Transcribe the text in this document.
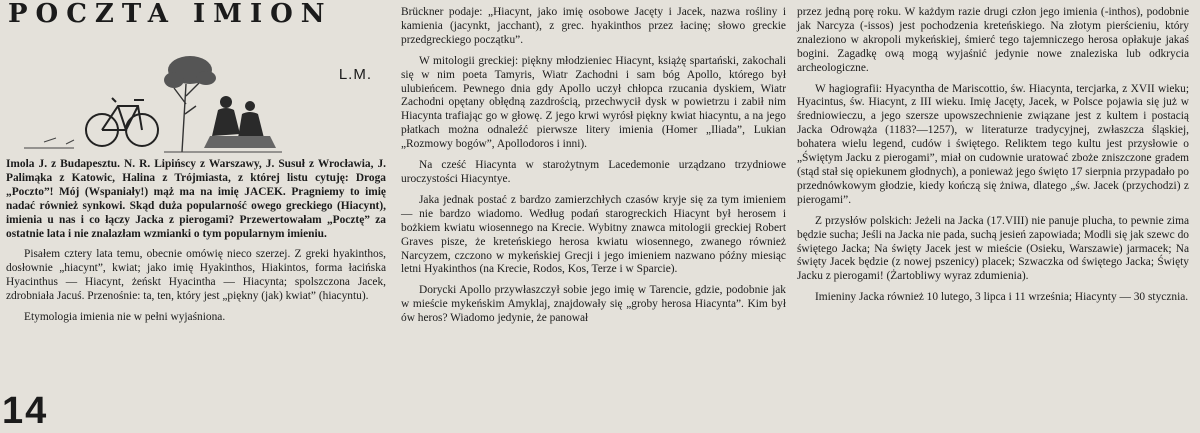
POCZTA IMION
L.M.

Imola J. z Budapesztu. N. R. Lipińscy z Warszawy, J. Susuł z Wrocławia, J. Palimąka z Katowic, Halina z Trójmiasta, z której listu cytuję: Droga „Poczto”! Mój (Wspaniały!) mąż ma na imię JACEK. Pragniemy to imię nadać również synkowi. Skąd duża popularność owego greckiego (Hiacynt), imienia u nas i co łączy Jacka z pierogami? Przewertowałam „Pocztę” za ostatnie lata i nie znalazłam wzmianki o tym popularnym imieniu.

Pisałem cztery lata temu, obecnie omówię nieco szerzej. Z greki hyakinthos, dosłownie „hiacynt”, kwiat; jako imię Hyakinthos, Hiakintos, forma łacińska Hyacinthus — Hiacynt, żeńskt Hyacintha — Hiacynta; spolszczona Jacek, zdrobniała Jacuś. Przenośnie: ta, ten, który jest „piękny (jak) kwiat” (hiacyntu).

Etymologia imienia nie w pełni wyjaśniona.

Brückner podaje: „Hiacynt, jako imię osobowe Jacęty i Jacek, nazwa rośliny i kamienia (jacynkt, jacchant), z grec. hyakinthos przez łacinę; słowo greckie przedgreckiego początku”.

W mitologii greckiej: piękny młodzieniec Hiacynt, książę spartański, zakochali się w nim poeta Tamyris, Wiatr Zachodni i sam bóg Apollo, którego był ulubieńcem. Pewnego dnia gdy Apollo uczył chłopca rzucania dyskiem, Wiatr Zachodni opętany obłędną zazdrością, przechwycił dysk w powietrzu i zabił nim Hiacynta trafiając go w głowę. Z jego krwi wyrósł piękny kwiat hiacyntu, a na jego płatkach można odnaleźć pierwsze litery imienia (Homer „Iliada”, Lukian „Rozmowy bogów”, Apollodoros i inni).

Na cześć Hiacynta w starożytnym Lacedemonie urządzano trzydniowe uroczystości Hiacyntye.

Jaka jednak postać z bardzo zamierzchłych czasów kryje się za tym imieniem — nie bardzo wiadomo. Według podań starogreckich Hiacynt był herosem i bożkiem kwiatu wiosennego na Krecie. Wybitny znawca mitologii greckiej Robert Graves pisze, że kreteńskiego herosa kwiatu wiosennego, zwanego również Narcyzem, czczono w mykeńskiej Grecji i jego imieniem nazwano późny miesiąc letni Hyakinthos (na Krecie, Rodos, Kos, Terze i w Sparcie).

Dorycki Apollo przywłaszczył sobie jego imię w Tarencie, gdzie, podobnie jak w mieście mykeńskim Amyklaj, znajdowały się „groby herosa Hiacynta”. Kim był ów heros? Wiadomo jedynie, że panował

przez jedną porę roku. W każdym razie drugi człon jego imienia (-inthos), podobnie jak Narcyza (-issos) jest pochodzenia kreteńskiego. Na złotym pierścieniu, który znaleziono w akropoli mykeńskiej, śmierć tego tajemniczego herosa opłakuje jakaś bogini. Zagadkę ową mogą wyjaśnić jedynie nowe znaleziska lub odkrycia archeologiczne.

W hagiografii: Hyacyntha de Mariscottio, św. Hiacynta, tercjarka, z XVII wieku; Hyacintus, św. Hiacynt, z III wieku. Imię Jacęty, Jacek, w Polsce pojawia się już w średniowieczu, a jego szersze upowszechnienie związane jest z kultem i postacią Jacka Odrowąża (1183?—1257), w literaturze tradycyjnej, zwłaszcza śląskiej, bohatera wielu legend, cudów i świętego. Reliktem tego kultu jest przysłowie o „Świętym Jacku z pierogami”, miał on cudownie uratować zboże zniszczone gradem (stąd stał się opiekunem głodnych), a ponieważ jego święto 17 sierpnia przypadało po przednówkowym głodzie, kiedy kończą się żniwa, dlatego „św. Jacek (przychodzi) z pierogami”.

Z przysłów polskich: Jeżeli na Jacka (17.VIII) nie panuje pluchа, to pewnie zima będzie sucha; Jeśli na Jacka nie pada, suchą jesień zapowiada; Modli się jak szewc do świętego Jacka; Na święty Jacek jest w mieście (Osieku, Warszawie) jarmacek; Na święty Jacek będzie (z nowej pszenicy) placek; Szwaczka od świętego Jacka; Święty Jacku z pierogami! (Żartobliwy wyraz zdumienia).

Imieniny Jacka również 10 lutego, 3 lipca i 11 września; Hiacynty — 30 stycznia.

14
